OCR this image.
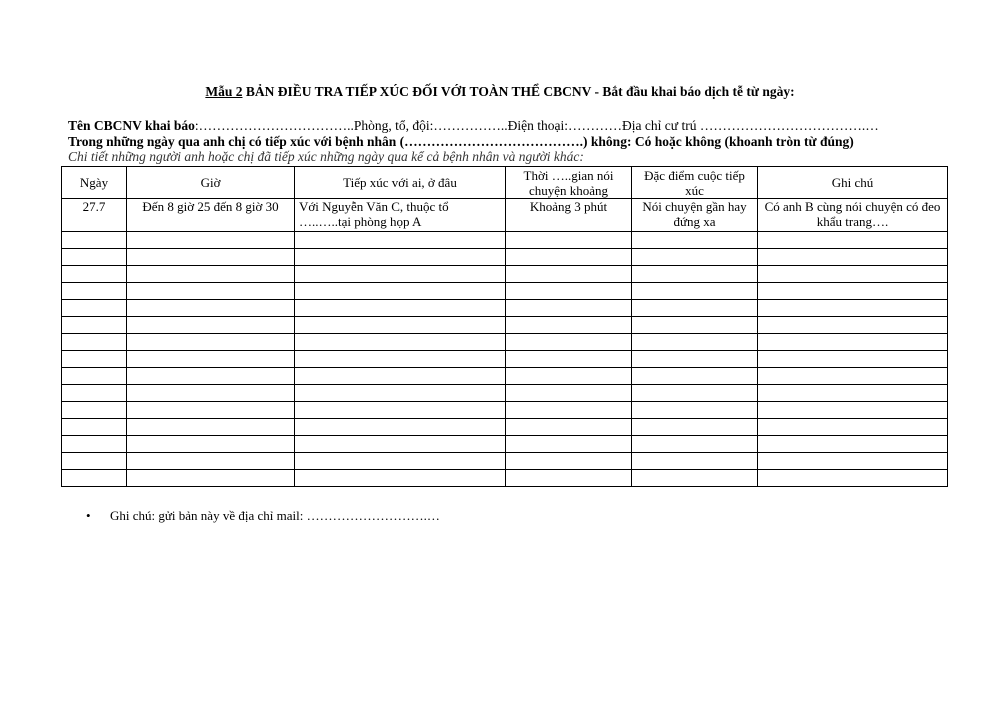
Mẫu 2 BẢN ĐIỀU TRA TIẾP XÚC ĐỐI VỚI TOÀN THỂ CBCNV - Bắt đầu khai báo dịch tễ từ ngày:
Tên CBCNV khai báo:……………………………..Phòng, tổ, đội:……………..Điện thoại:…………Địa chỉ cư trú ……………………………….…
Trong những ngày qua anh chị có tiếp xúc với bệnh nhân (………………………………….) không: Có hoặc không (khoanh tròn từ đúng)
Chi tiết những người anh hoặc chị đã tiếp xúc những ngày qua kể cả bệnh nhân và người khác:
Ngày	Giờ	Tiếp xúc với ai, ở đâu	Thời …..gian nói chuyện khoảng	Đặc điểm cuộc tiếp xúc	Ghi chú
27.7	Đến 8 giờ 25 đến 8 giờ 30	Với Nguyễn Văn C, thuộc tổ …..…..tại phòng họp A	Khoảng 3 phút	Nói chuyện gần hay đứng xa	Có anh B cùng nói chuyện có đeo khẩu trang….

• Ghi chú: gửi bản này về địa chỉ mail: ……………………….…
